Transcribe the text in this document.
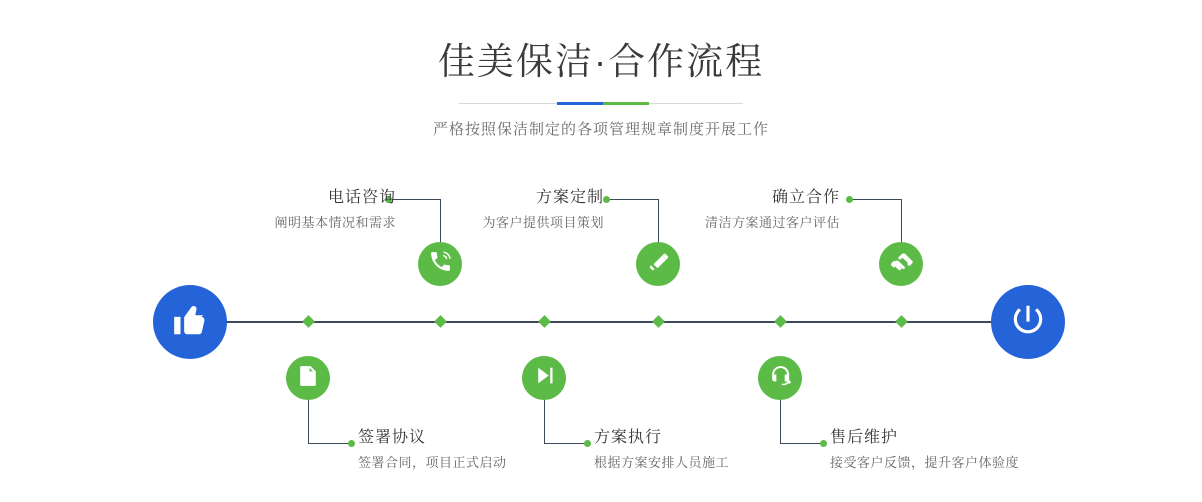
佳美保洁·合作流程
严格按照保洁制定的各项管理规章制度开展工作
电话咨询
阐明基本情况和需求
方案定制
为客户提供项目策划
确立合作
清洁方案通过客户评估
签署协议
签署合同，项目正式启动
方案执行
根据方案安排人员施工
售后维护
接受客户反馈，提升客户体验度
